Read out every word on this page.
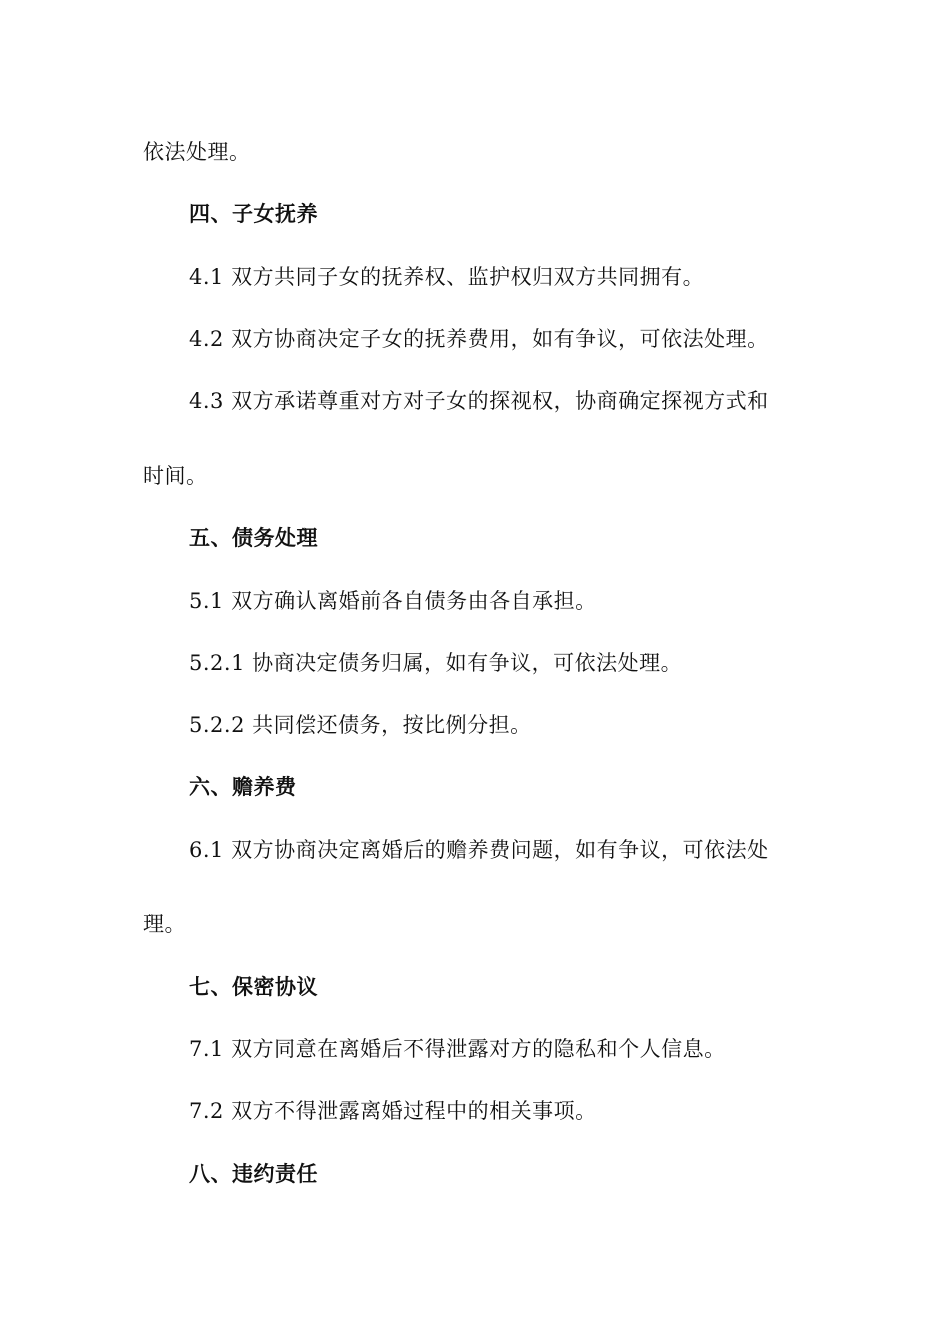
依法处理。
四、子女抚养
4.1 双方共同子女的抚养权、监护权归双方共同拥有。
4.2 双方协商决定子女的抚养费用，如有争议，可依法处理。
4.3 双方承诺尊重对方对子女的探视权，协商确定探视方式和
时间。
五、债务处理
5.1 双方确认离婚前各自债务由各自承担。
5.2.1 协商决定债务归属，如有争议，可依法处理。
5.2.2 共同偿还债务，按比例分担。
六、赡养费
6.1 双方协商决定离婚后的赡养费问题，如有争议，可依法处
理。
七、保密协议
7.1 双方同意在离婚后不得泄露对方的隐私和个人信息。
7.2 双方不得泄露离婚过程中的相关事项。
八、违约责任
